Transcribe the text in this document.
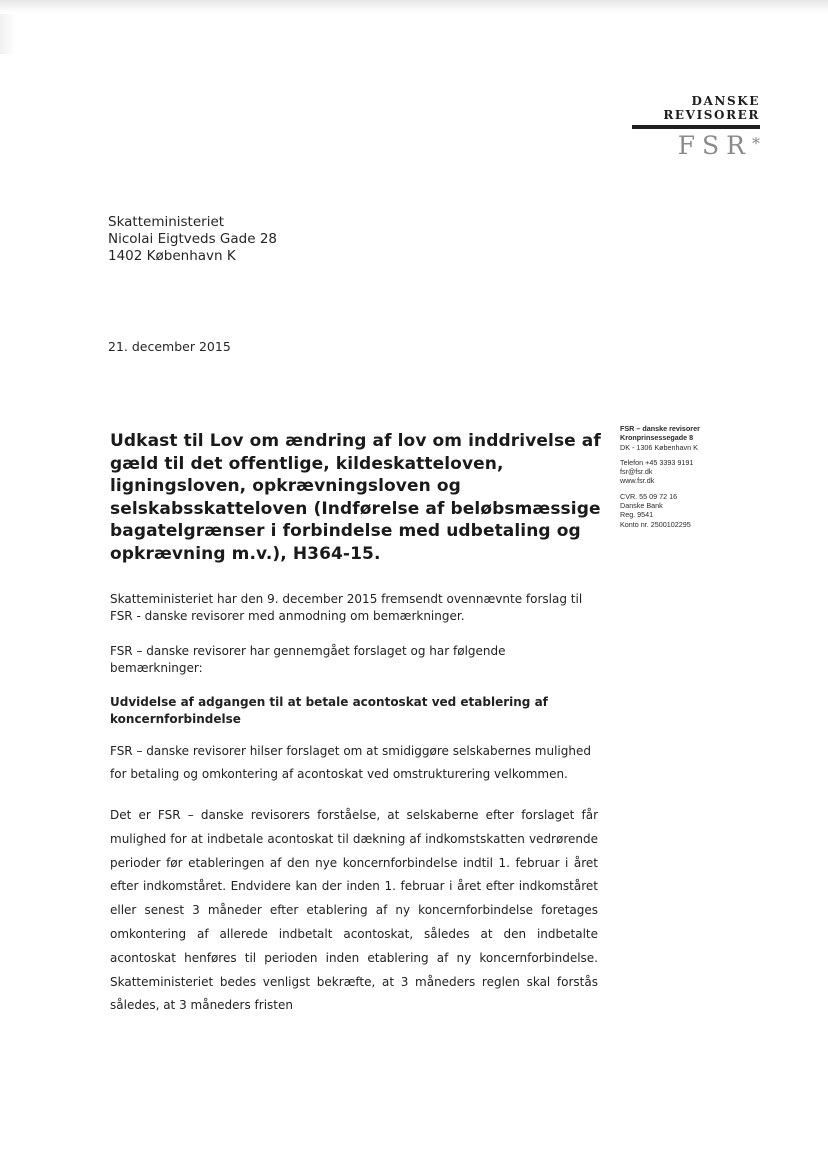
DANSKE
REVISORER
FSR*
Skatteministeriet
Nicolai Eigtveds Gade 28
1402 København K
21. december 2015
FSR – danske revisorer
Kronprinsessegade 8
DK - 1306 København K
Telefon +45 3393 9191
fsr@fsr.dk
www.fsr.dk
CVR. 55 09 72 16
Danske Bank
Reg. 9541
Konto nr. 2500102295
Udkast til Lov om ændring af lov om inddrivelse af gæld til det offentlige, kildeskatteloven, ligningsloven, opkrævningsloven og selskabsskatteloven (Indførelse af beløbsmæssige bagatelgrænser i forbindelse med udbetaling og opkrævning m.v.), H364-15.

Skatteministeriet har den 9. december 2015 fremsendt ovennævnte forslag til FSR - danske revisorer med anmodning om bemærkninger.

FSR – danske revisorer har gennemgået forslaget og har følgende bemærkninger:

Udvidelse af adgangen til at betale acontoskat ved etablering af koncernforbindelse

FSR – danske revisorer hilser forslaget om at smidiggøre selskabernes mulighed for betaling og omkontering af acontoskat ved omstrukturering velkommen.

Det er FSR – danske revisorers forståelse, at selskaberne efter forslaget får mulighed for at indbetale acontoskat til dækning af indkomstskatten vedrørende perioder før etableringen af den nye koncernforbindelse indtil 1. februar i året efter indkomståret. Endvidere kan der inden 1. februar i året efter indkomståret eller senest 3 måneder efter etablering af ny koncernforbindelse foretages omkontering af allerede indbetalt acontoskat, således at den indbetalte acontoskat henføres til perioden inden etablering af ny koncernforbindelse. Skatteministeriet bedes venligst bekræfte, at 3 måneders reglen skal forstås således, at 3 måneders fristen
